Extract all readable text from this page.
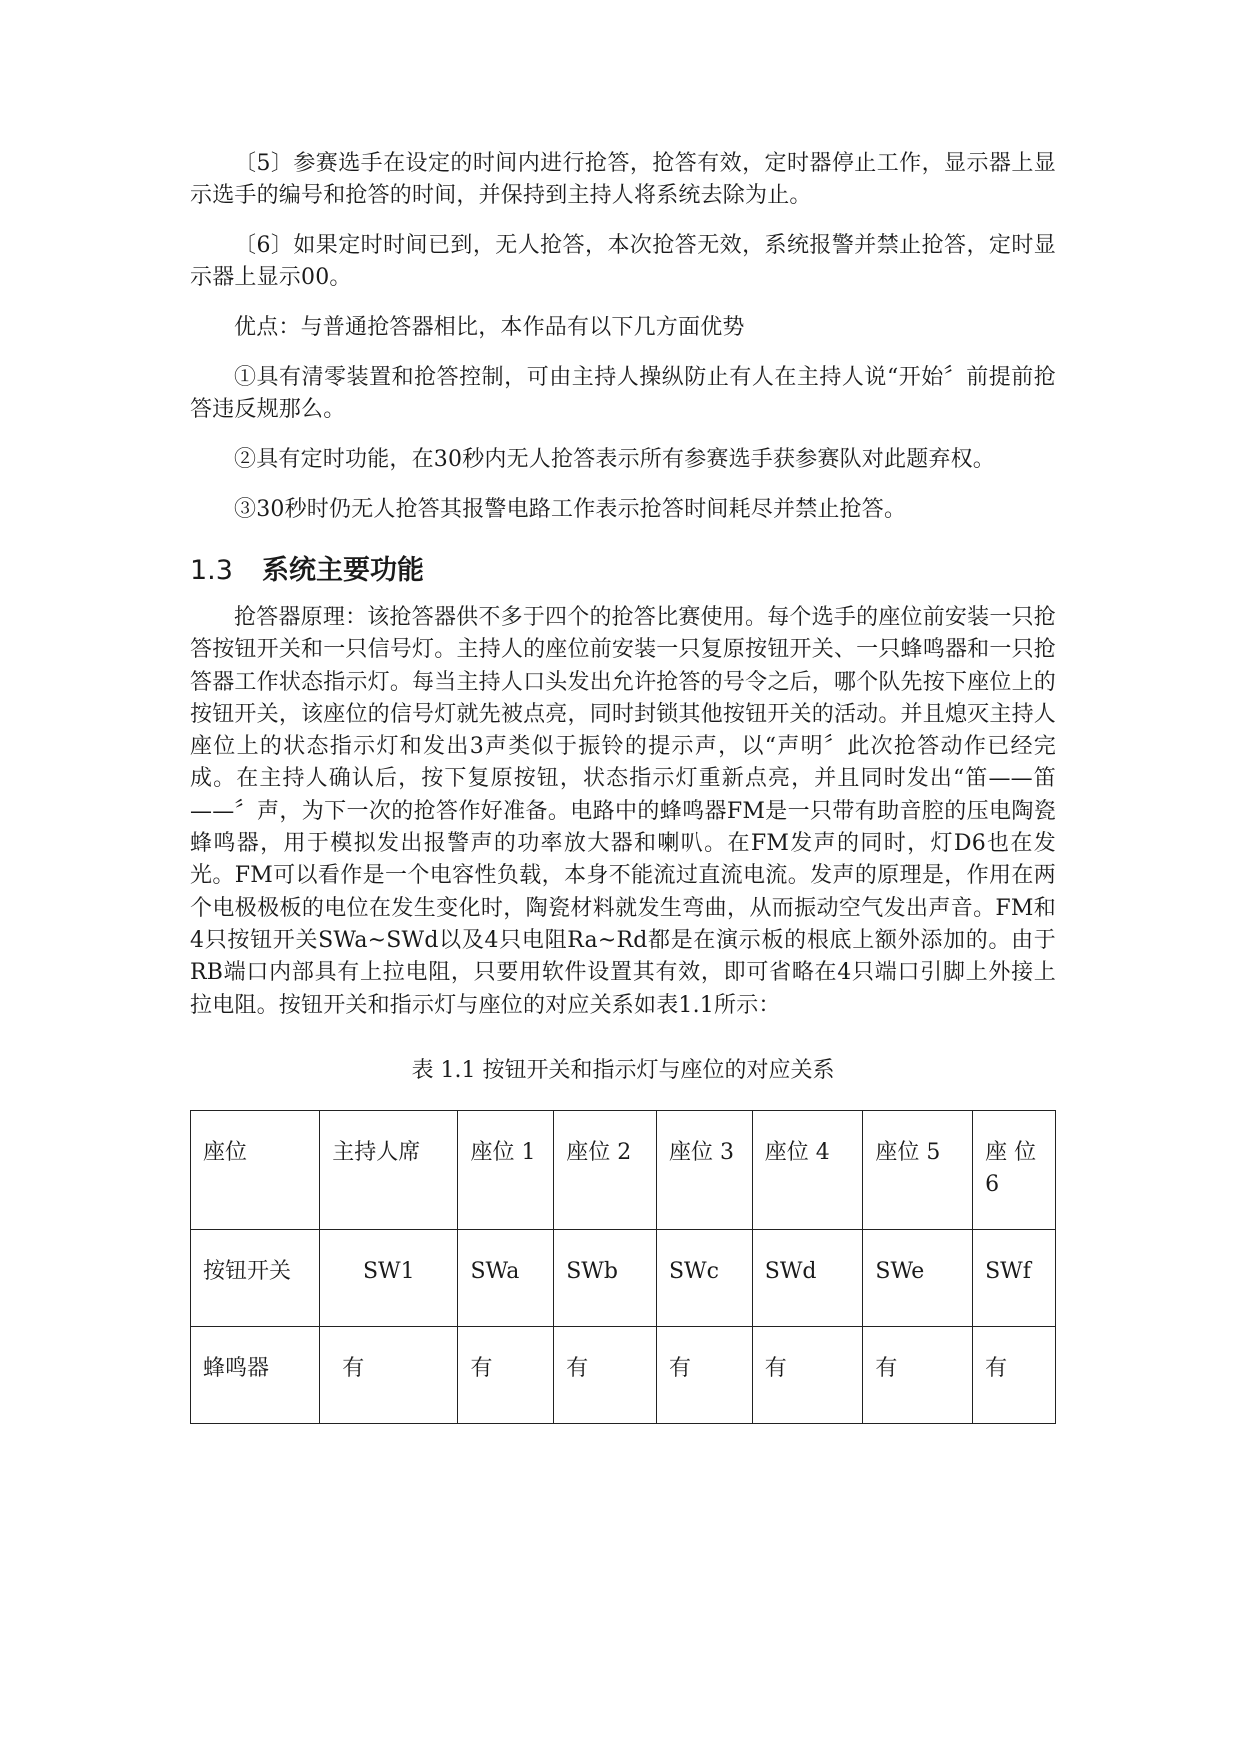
〔5〕参赛选手在设定的时间内进行抢答，抢答有效，定时器停止工作，显示器上显示选手的编号和抢答的时间，并保持到主持人将系统去除为止。

〔6〕如果定时时间已到，无人抢答，本次抢答无效，系统报警并禁止抢答，定时显示器上显示00。

优点：与普通抢答器相比，本作品有以下几方面优势

①具有清零装置和抢答控制，可由主持人操纵防止有人在主持人说“开始〞前提前抢答违反规那么。

②具有定时功能，在30秒内无人抢答表示所有参赛选手获参赛队对此题弃权。

③30秒时仍无人抢答其报警电路工作表示抢答时间耗尽并禁止抢答。

1.3 系统主要功能

抢答器原理：该抢答器供不多于四个的抢答比赛使用。每个选手的座位前安装一只抢答按钮开关和一只信号灯。主持人的座位前安装一只复原按钮开关、一只蜂鸣器和一只抢答器工作状态指示灯。每当主持人口头发出允许抢答的号令之后，哪个队先按下座位上的按钮开关，该座位的信号灯就先被点亮，同时封锁其他按钮开关的活动。并且熄灭主持人座位上的状态指示灯和发出3声类似于振铃的提示声，以“声明〞此次抢答动作已经完成。在主持人确认后，按下复原按钮，状态指示灯重新点亮，并且同时发出“笛——笛——〞声，为下一次的抢答作好准备。电路中的蜂鸣器FM是一只带有助音腔的压电陶瓷蜂鸣器，用于模拟发出报警声的功率放大器和喇叭。在FM发声的同时，灯D6也在发光。FM可以看作是一个电容性负载，本身不能流过直流电流。发声的原理是，作用在两个电极极板的电位在发生变化时，陶瓷材料就发生弯曲，从而振动空气发出声音。FM和4只按钮开关SWa~SWd以及4只电阻Ra~Rd都是在演示板的根底上额外添加的。由于RB端口内部具有上拉电阻，只要用软件设置其有效，即可省略在4只端口引脚上外接上拉电阻。按钮开关和指示灯与座位的对应关系如表1.1所示：

表 1.1 按钮开关和指示灯与座位的对应关系
座位	主持人席	座位 1	座位 2	座位 3	座位 4	座位 5	座 位 6
按钮开关	SW1	SWa	SWb	SWc	SWd	SWe	SWf
蜂鸣器	有	有	有	有	有	有	有
